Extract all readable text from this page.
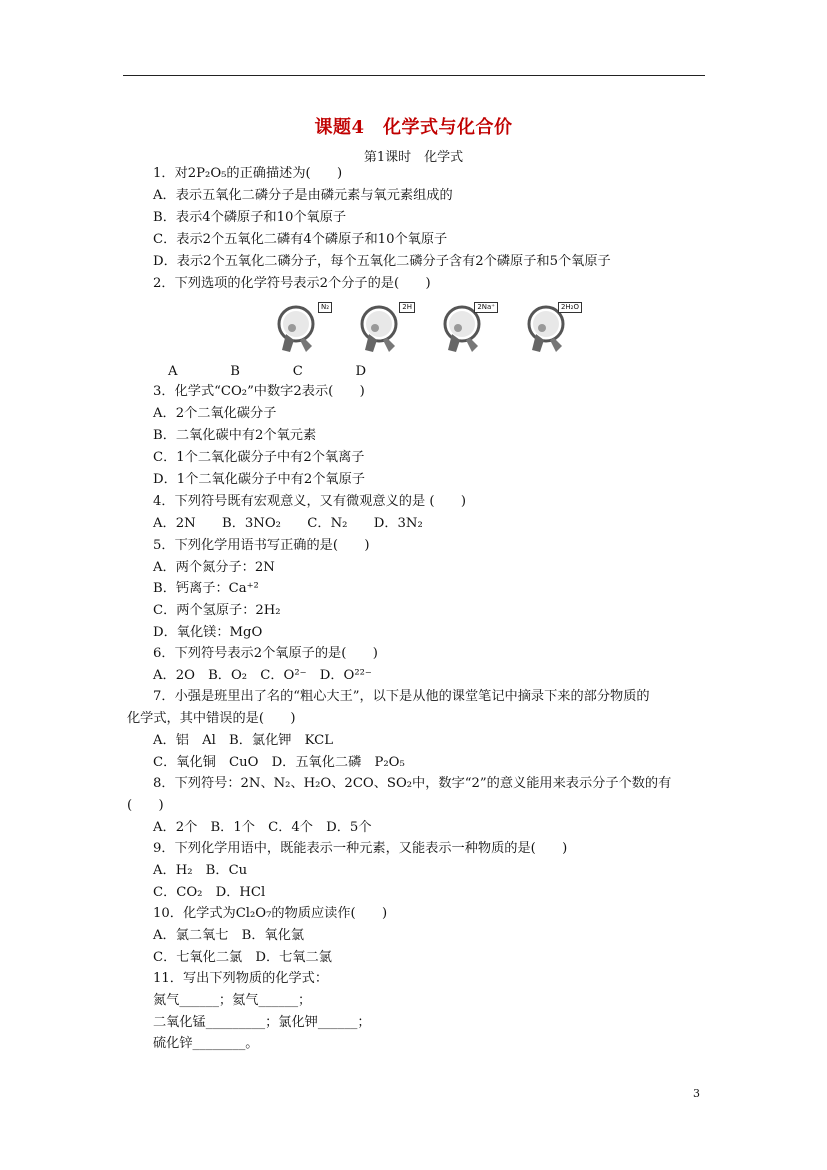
课题4　化学式与化合价
第1课时　化学式
1．对2P₂O₅的正确描述为(　　)
A．表示五氧化二磷分子是由磷元素与氧元素组成的
B．表示4个磷原子和10个氧原子
C．表示2个五氧化二磷有4个磷原子和10个氧原子
D．表示2个五氧化二磷分子，每个五氧化二磷分子含有2个磷原子和5个氧原子
2．下列选项的化学符号表示2个分子的是(　　)
N₂	2H	2Na⁺	2H₂O
A　　　　B　　　　C　　　　D
3．化学式“CO₂”中数字2表示(　　)
A．2个二氧化碳分子
B．二氧化碳中有2个氧元素
C．1个二氧化碳分子中有2个氧离子
D．1个二氧化碳分子中有2个氧原子
4．下列符号既有宏观意义，又有微观意义的是 (　　)
A．2N　　B．3NO₂　　C．N₂　　D．3N₂
5．下列化学用语书写正确的是(　　)
A．两个氮分子：2N
B．钙离子：Ca⁺²
C．两个氢原子：2H₂
D．氧化镁：MgO
6．下列符号表示2个氧原子的是(　　)
A．2O　B．O₂　C．O²⁻　D．O²²⁻
7．小强是班里出了名的“粗心大王”，以下是从他的课堂笔记中摘录下来的部分物质的
化学式，其中错误的是(　　)
A．铝　Al　B．氯化钾　KCL
C．氧化铜　CuO　D．五氧化二磷　P₂O₅
8．下列符号：2N、N₂、H₂O、2CO、SO₂中，数字“2”的意义能用来表示分子个数的有
(　　)
A．2个　B．1个　C．4个　D．5个
9．下列化学用语中，既能表示一种元素，又能表示一种物质的是(　　)
A．H₂　B．Cu
C．CO₂　D．HCl
10．化学式为Cl₂O₇的物质应读作(　　)
A．氯二氧七　B．氧化氯
C．七氧化二氯　D．七氧二氯
11．写出下列物质的化学式：
氮气______；氦气______；
二氧化锰_________；氯化钾______；
硫化锌________。
3
